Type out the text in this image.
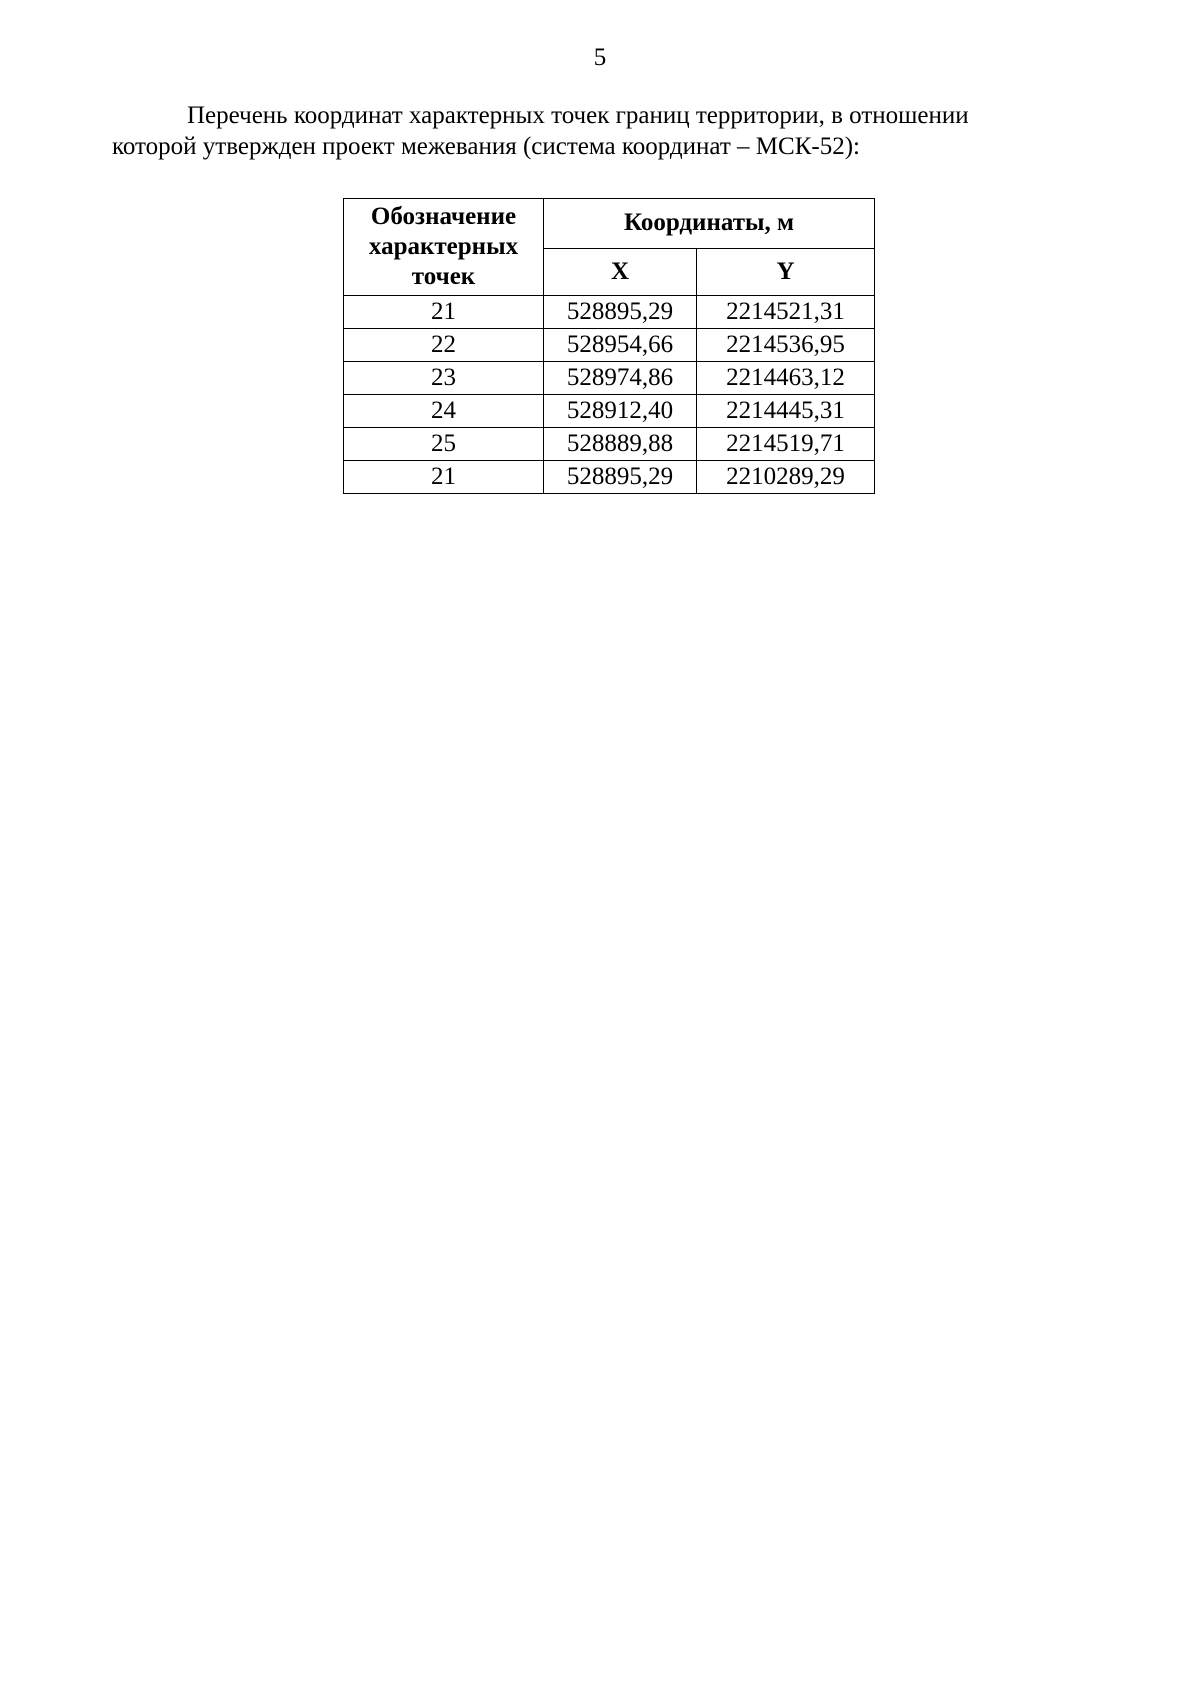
5

Перечень координат характерных точек границ территории, в отношении
которой утвержден проект межевания (система координат – МСК-52):

Обозначение
характерных
точек	Координаты, м	
	X	Y
21	528895,29	2214521,31
22	528954,66	2214536,95
23	528974,86	2214463,12
24	528912,40	2214445,31
25	528889,88	2214519,71
21	528895,29	2210289,29
